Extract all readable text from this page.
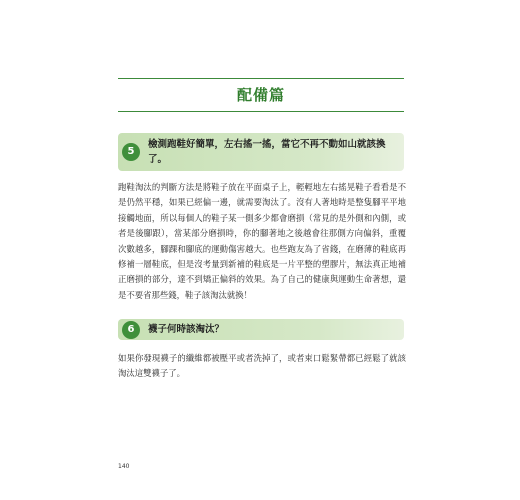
配備篇
5
檢測跑鞋好簡單，左右搖一搖，當它不再不動如山就該換了。
跑鞋淘汰的判斷方法是將鞋子放在平面桌子上，輕輕地左右搖晃鞋子看看是不是仍然平穩，如果已經偏一邊，就需要淘汰了。沒有人著地時是整隻腳平平地接觸地面，所以每個人的鞋子某一側多少都會磨損（常見的是外側和內側，或者是後腳跟），當某部分磨損時，你的腳著地之後越會往那側方向偏斜，重覆次數越多，腳踝和腳底的運動傷害越大。也些跑友為了省錢，在磨薄的鞋底再修補一層鞋底，但是沒考量到新補的鞋底是一片平整的塑膠片，無法真正地補正磨損的部分，達不到矯正偏斜的效果。為了自己的健康與運動生命著想，還是不要省那些錢，鞋子該淘汰就換！
6	襪子何時該淘汰？
如果你發現襪子的纖維都被壓平或者洗掉了，或者束口鬆緊帶都已經鬆了就該淘汰這雙襪子了。
140
